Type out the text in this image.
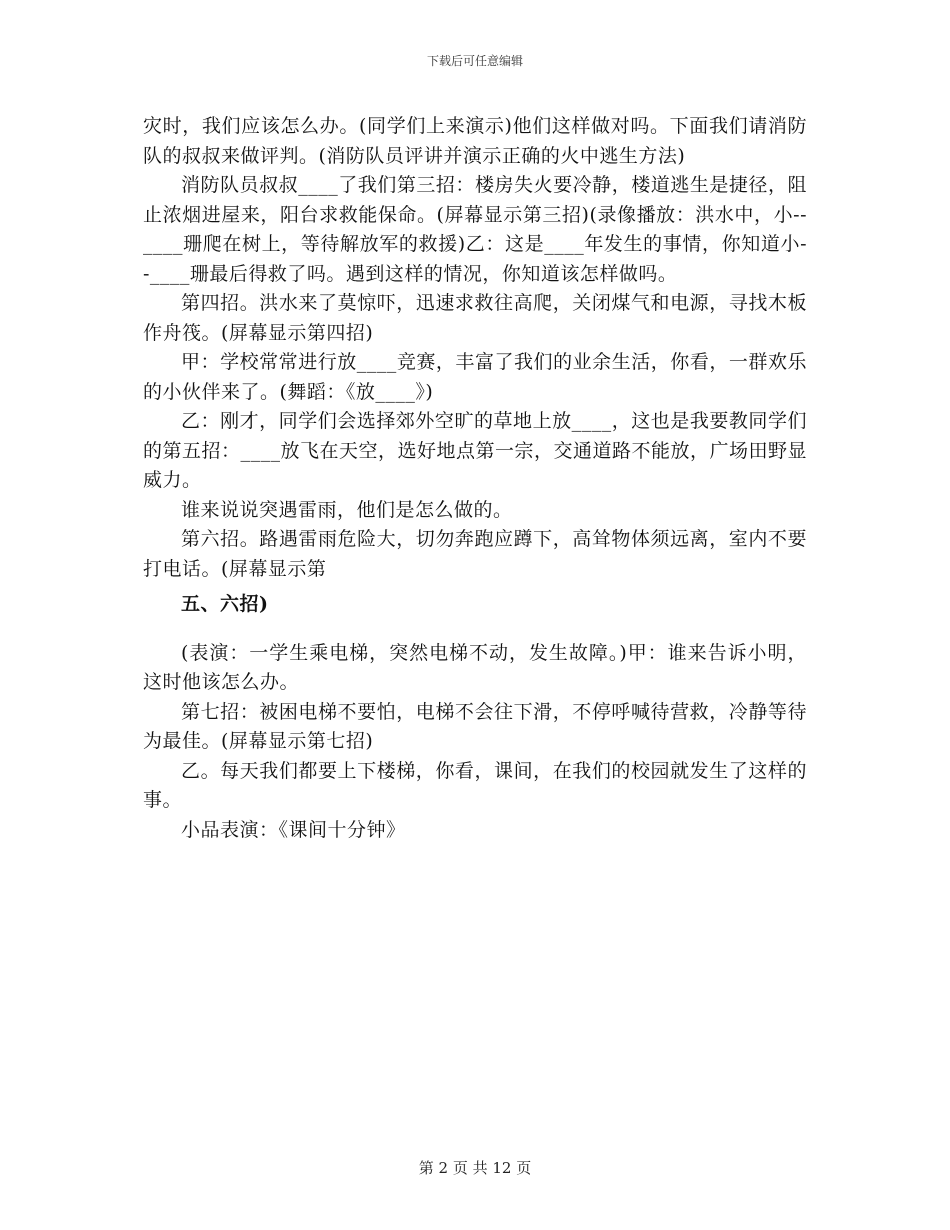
下载后可任意编辑

灾时，我们应该怎么办。(同学们上来演示)他们这样做对吗。下面我们请消防队的叔叔来做评判。(消防队员评讲并演示正确的火中逃生方法)

消防队员叔叔____了我们第三招：楼房失火要冷静，楼道逃生是捷径，阻止浓烟进屋来，阳台求救能保命。(屏幕显示第三招)(录像播放：洪水中，小--____珊爬在树上，等待解放军的救援)乙：这是____年发生的事情，你知道小--____珊最后得救了吗。遇到这样的情况，你知道该怎样做吗。

第四招。洪水来了莫惊吓，迅速求救往高爬，关闭煤气和电源，寻找木板作舟筏。(屏幕显示第四招)

甲：学校常常进行放____竞赛，丰富了我们的业余生活，你看，一群欢乐的小伙伴来了。(舞蹈：《放____》)

乙：刚才，同学们会选择郊外空旷的草地上放____，这也是我要教同学们的第五招：____放飞在天空，选好地点第一宗，交通道路不能放，广场田野显威力。

谁来说说突遇雷雨，他们是怎么做的。

第六招。路遇雷雨危险大，切勿奔跑应蹲下，高耸物体须远离，室内不要打电话。(屏幕显示第

五、六招)

(表演：一学生乘电梯，突然电梯不动，发生故障。)甲：谁来告诉小明，这时他该怎么办。

第七招：被困电梯不要怕，电梯不会往下滑，不停呼喊待营救，冷静等待为最佳。(屏幕显示第七招)

乙。每天我们都要上下楼梯，你看，课间，在我们的校园就发生了这样的事。

小品表演：《课间十分钟》

第 2 页 共 12 页
